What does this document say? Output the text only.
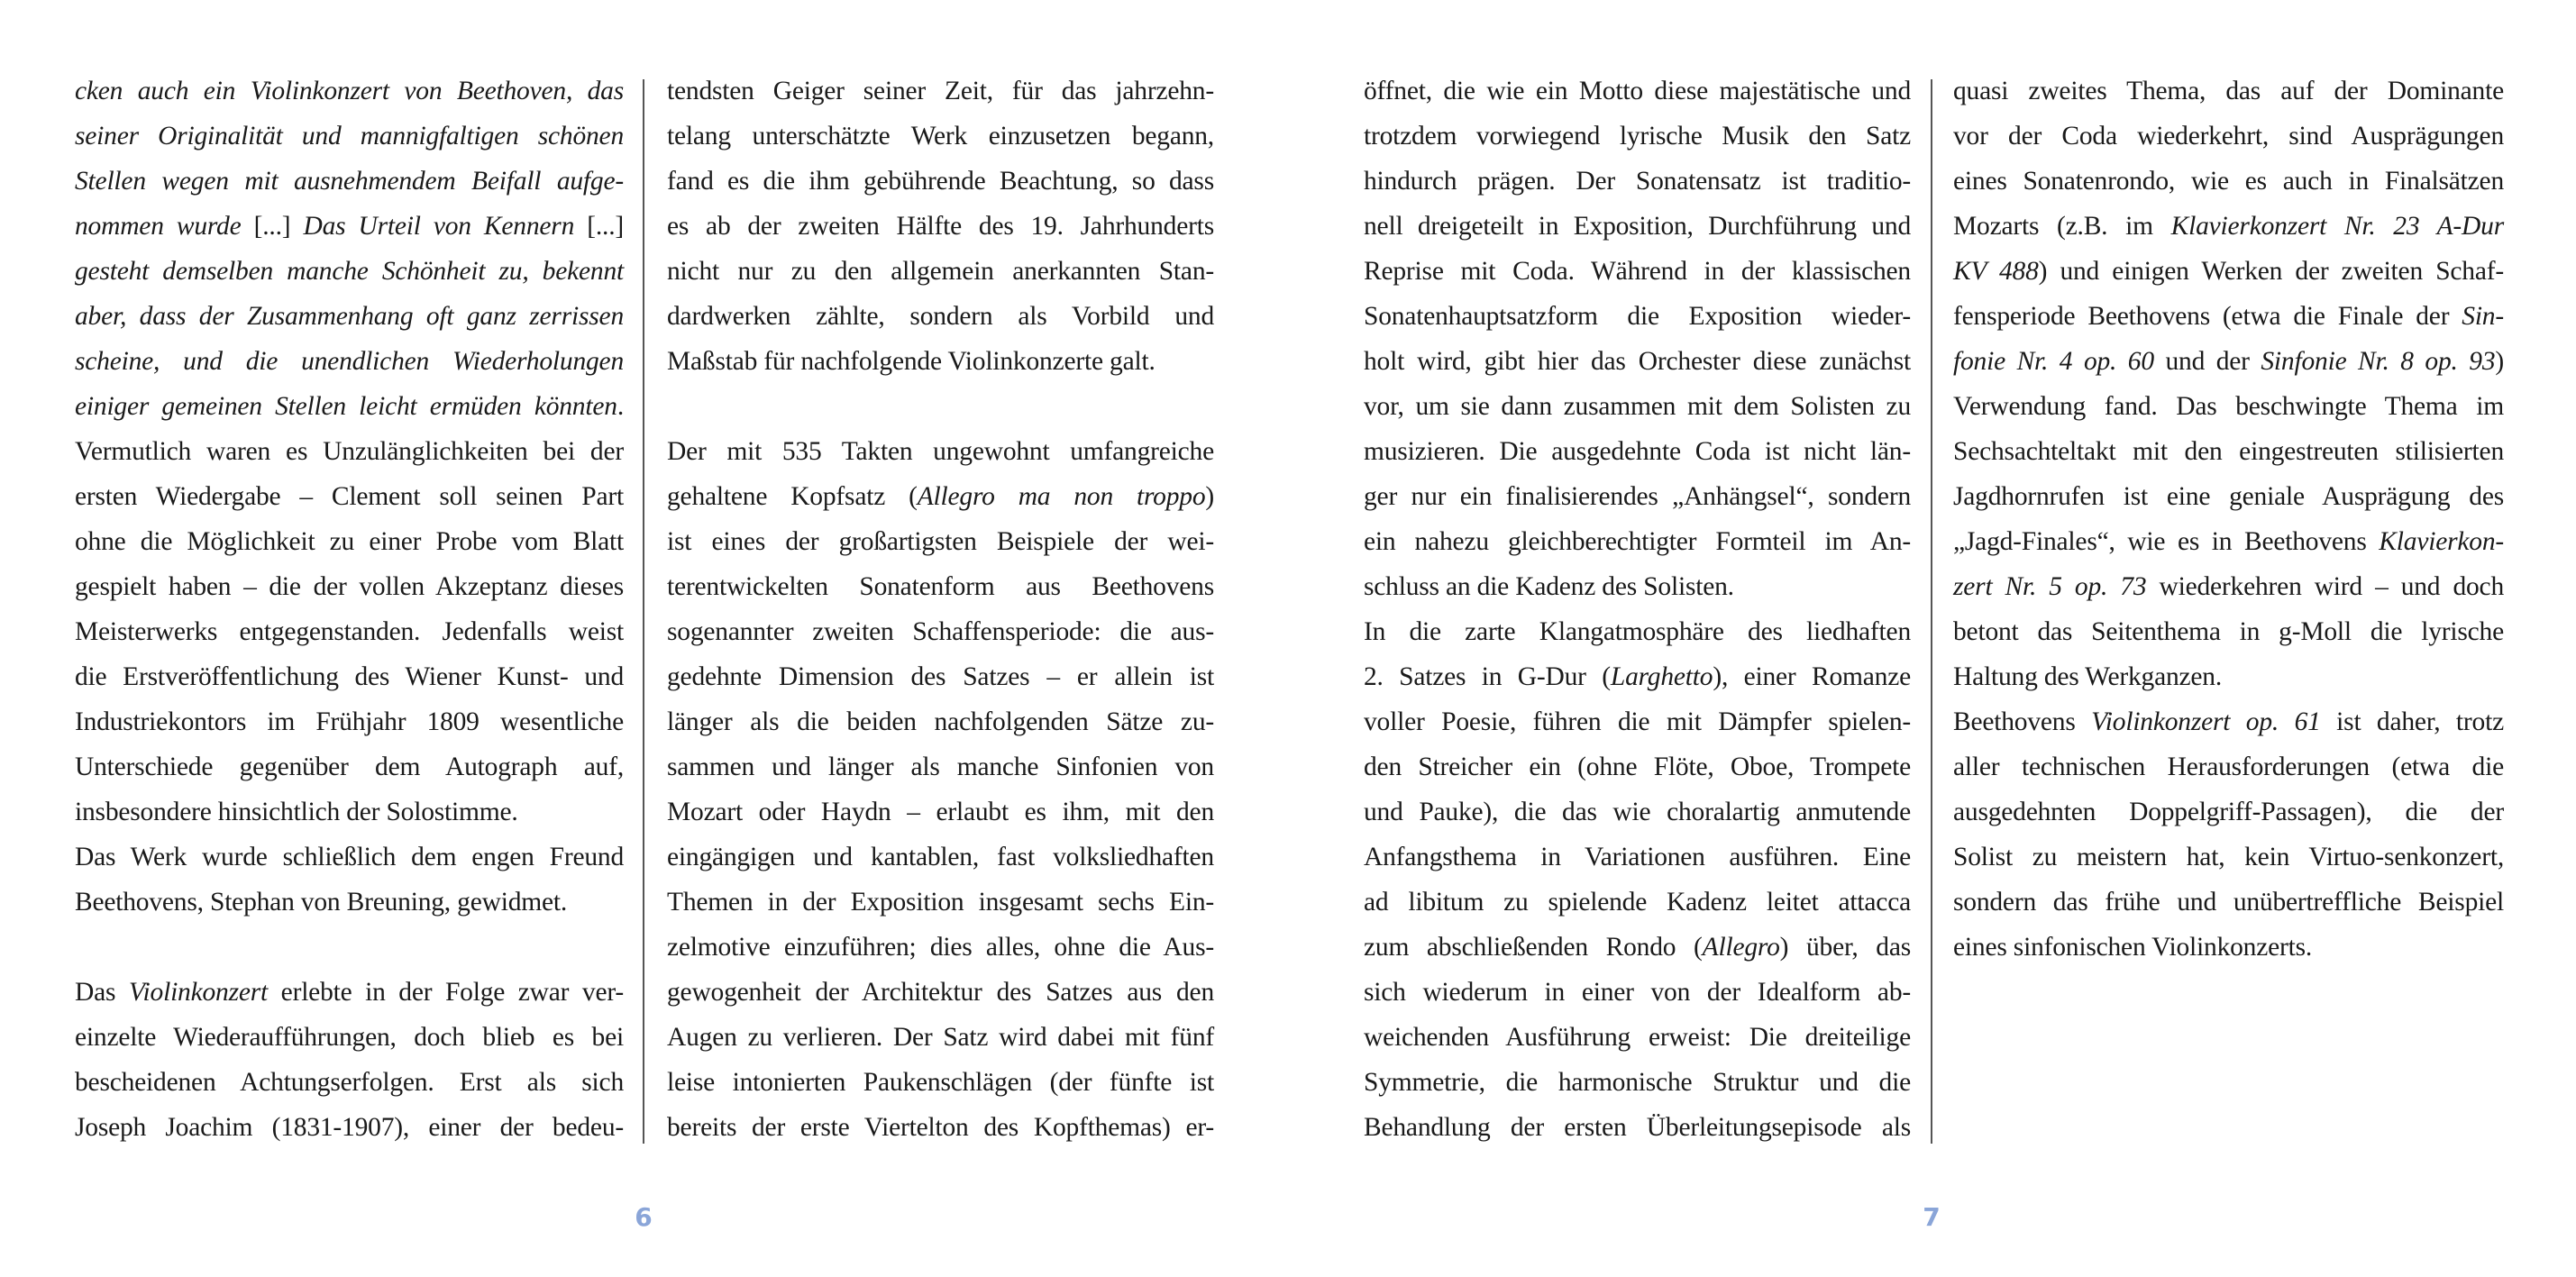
cken auch ein Violinkonzert von Beethoven, das
seiner Originalität und mannigfaltigen schönen
Stellen wegen mit ausnehmendem Beifall aufge-
nommen wurde [...] Das Urteil von Kennern [...]
gesteht demselben manche Schönheit zu, bekennt
aber, dass der Zusammenhang oft ganz zerrissen
scheine, und die unendlichen Wiederholungen
einiger gemeinen Stellen leicht ermüden könnten.
Vermutlich waren es Unzulänglichkeiten bei der
ersten Wiedergabe – Clement soll seinen Part
ohne die Möglichkeit zu einer Probe vom Blatt
gespielt haben – die der vollen Akzeptanz dieses
Meisterwerks entgegenstanden. Jedenfalls weist
die Erstveröffentlichung des Wiener Kunst- und
Industriekontors im Frühjahr 1809 wesentliche
Unterschiede gegenüber dem Autograph auf,
insbesondere hinsichtlich der Solostimme.
Das Werk wurde schließlich dem engen Freund
Beethovens, Stephan von Breuning, gewidmet.
Das Violinkonzert erlebte in der Folge zwar ver-
einzelte Wiederaufführungen, doch blieb es bei
bescheidenen Achtungserfolgen. Erst als sich
Joseph Joachim (1831-1907), einer der bedeu-
tendsten Geiger seiner Zeit, für das jahrzehn-
telang unterschätzte Werk einzusetzen begann,
fand es die ihm gebührende Beachtung, so dass
es ab der zweiten Hälfte des 19. Jahrhunderts
nicht nur zu den allgemein anerkannten Stan-
dardwerken zählte, sondern als Vorbild und
Maßstab für nachfolgende Violinkonzerte galt.
Der mit 535 Takten ungewohnt umfangreiche
gehaltene Kopfsatz (Allegro ma non troppo)
ist eines der großartigsten Beispiele der wei-
terentwickelten Sonatenform aus Beethovens
sogenannter zweiten Schaffensperiode: die aus-
gedehnte Dimension des Satzes – er allein ist
länger als die beiden nachfolgenden Sätze zu-
sammen und länger als manche Sinfonien von
Mozart oder Haydn – erlaubt es ihm, mit den
eingängigen und kantablen, fast volksliedhaften
Themen in der Exposition insgesamt sechs Ein-
zelmotive einzuführen; dies alles, ohne die Aus-
gewogenheit der Architektur des Satzes aus den
Augen zu verlieren. Der Satz wird dabei mit fünf
leise intonierten Paukenschlägen (der fünfte ist
bereits der erste Viertelton des Kopfthemas) er-
6
öffnet, die wie ein Motto diese majestätische und
trotzdem vorwiegend lyrische Musik den Satz
hindurch prägen. Der Sonatensatz ist traditio-
nell dreigeteilt in Exposition, Durchführung und
Reprise mit Coda. Während in der klassischen
Sonatenhauptsatzform die Exposition wieder-
holt wird, gibt hier das Orchester diese zunächst
vor, um sie dann zusammen mit dem Solisten zu
musizieren. Die ausgedehnte Coda ist nicht län-
ger nur ein finalisierendes „Anhängsel“, sondern
ein nahezu gleichberechtigter Formteil im An-
schluss an die Kadenz des Solisten.
In die zarte Klangatmosphäre des liedhaften
2. Satzes in G-Dur (Larghetto), einer Romanze
voller Poesie, führen die mit Dämpfer spielen-
den Streicher ein (ohne Flöte, Oboe, Trompete
und Pauke), die das wie choralartig anmutende
Anfangsthema in Variationen ausführen. Eine
ad libitum zu spielende Kadenz leitet attacca
zum abschließenden Rondo (Allegro) über, das
sich wiederum in einer von der Idealform ab-
weichenden Ausführung erweist: Die dreiteilige
Symmetrie, die harmonische Struktur und die
Behandlung der ersten Überleitungsepisode als
quasi zweites Thema, das auf der Dominante
vor der Coda wiederkehrt, sind Ausprägungen
eines Sonatenrondo, wie es auch in Finalsätzen
Mozarts (z.B. im Klavierkonzert Nr. 23 A-Dur
KV 488) und einigen Werken der zweiten Schaf-
fensperiode Beethovens (etwa die Finale der Sin-
fonie Nr. 4 op. 60 und der Sinfonie Nr. 8 op. 93)
Verwendung fand. Das beschwingte Thema im
Sechsachteltakt mit den eingestreuten stilisierten
Jagdhornrufen ist eine geniale Ausprägung des
„Jagd-Finales“, wie es in Beethovens Klavierkon-
zert Nr. 5 op. 73 wiederkehren wird – und doch
betont das Seitenthema in g-Moll die lyrische
Haltung des Werkganzen.
Beethovens Violinkonzert op. 61 ist daher, trotz
aller technischen Herausforderungen (etwa die
ausgedehnten Doppelgriff-Passagen), die der
Solist zu meistern hat, kein Virtuo-senkonzert,
sondern das frühe und unübertreffliche Beispiel
eines sinfonischen Violinkonzerts.
7
